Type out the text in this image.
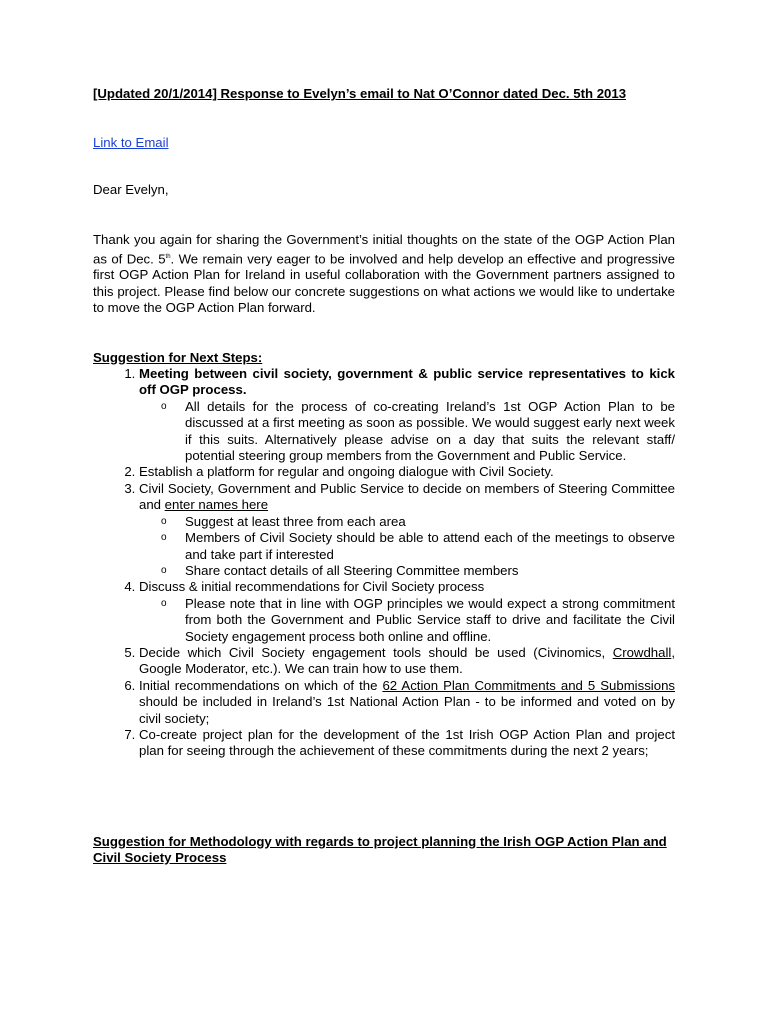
[Updated 20/1/2014] Response to Evelyn’s email to Nat O’Connor dated Dec. 5th 2013

Link to Email
Dear Evelyn,
Thank you again for sharing the Government’s initial thoughts on the state of the OGP Action Plan as of Dec. 5th. We remain very eager to be involved and help develop an effective and progressive first OGP Action Plan for Ireland in useful collaboration with the Government partners assigned to this project. Please find below our concrete suggestions on what actions we would like to undertake to move the OGP Action Plan forward.
Suggestion for Next Steps:
1. Meeting between civil society, government & public service representatives to kick off OGP process.
o All details for the process of co-creating Ireland’s 1st OGP Action Plan to be discussed at a first meeting as soon as possible. We would suggest early next week if this suits. Alternatively please advise on a day that suits the relevant staff/ potential steering group members from the Government and Public Service.
2. Establish a platform for regular and ongoing dialogue with Civil Society.
3. Civil Society, Government and Public Service to decide on members of Steering Committee and enter names here
o Suggest at least three from each area
o Members of Civil Society should be able to attend each of the meetings to observe and take part if interested
o Share contact details of all Steering Committee members
4. Discuss & initial recommendations for Civil Society process
o Please note that in line with OGP principles we would expect a strong commitment from both the Government and Public Service staff to drive and facilitate the Civil Society engagement process both online and offline.
5. Decide which Civil Society engagement tools should be used (Civinomics, Crowdhall, Google Moderator, etc.). We can train how to use them.
6. Initial recommendations on which of the 62 Action Plan Commitments and 5 Submissions should be included in Ireland’s 1st National Action Plan - to be informed and voted on by civil society;
7. Co-create project plan for the development of the 1st Irish OGP Action Plan and project plan for seeing through the achievement of these commitments during the next 2 years;
Suggestion for Methodology with regards to project planning the Irish OGP Action Plan and Civil Society Process
